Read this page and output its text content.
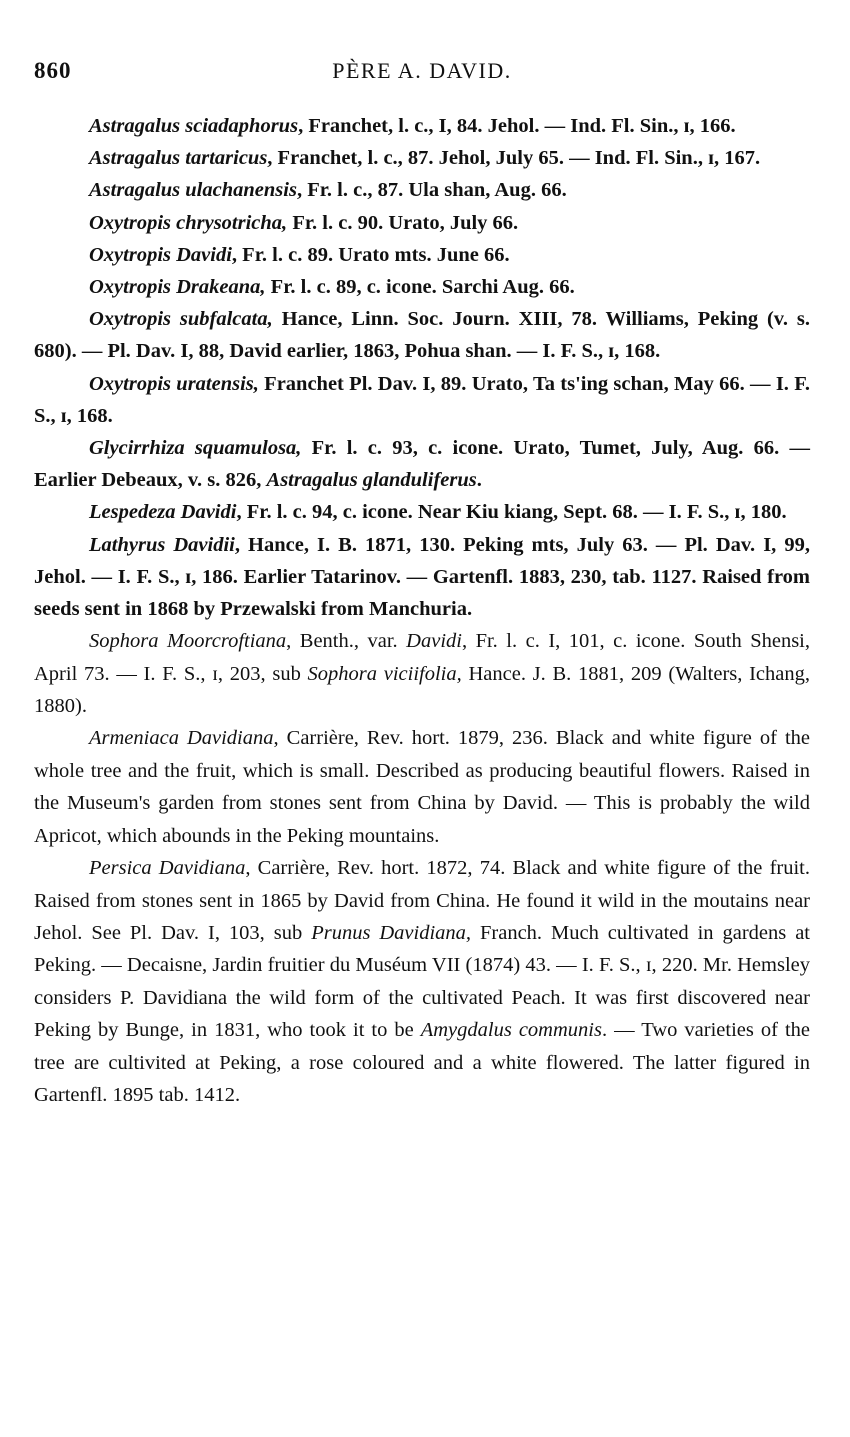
860	PÈRE A. DAVID.

Astragalus sciadaphorus, Franchet, l. c., I, 84. Jehol. — Ind. Fl. Sin., ɪ, 166.

Astragalus tartaricus, Franchet, l. c., 87. Jehol, July 65. — Ind. Fl. Sin., ɪ, 167.

Astragalus ulachanensis, Fr. l. c., 87. Ula shan, Aug. 66.

Oxytropis chrysotricha, Fr. l. c. 90. Urato, July 66.

Oxytropis Davidi, Fr. l. c. 89. Urato mts. June 66.

Oxytropis Drakeana, Fr. l. c. 89, c. icone. Sarchi Aug. 66.

Oxytropis subfalcata, Hance, Linn. Soc. Journ. XIII, 78. Williams, Peking (v. s. 680). — Pl. Dav. I, 88, David earlier, 1863, Pohua shan. — I. F. S., ɪ, 168.

Oxytropis uratensis, Franchet Pl. Dav. I, 89. Urato, Ta ts'ing schan, May 66. — I. F. S., ɪ, 168.

Glycirrhiza squamulosa, Fr. l. c. 93, c. icone. Urato, Tumet, July, Aug. 66. — Earlier Debeaux, v. s. 826, Astragalus glanduliferus.

Lespedeza Davidi, Fr. l. c. 94, c. icone. Near Kiu kiang, Sept. 68. — I. F. S., ɪ, 180.

Lathyrus Davidii, Hance, I. B. 1871, 130. Peking mts, July 63. — Pl. Dav. I, 99, Jehol. — I. F. S., ɪ, 186. Earlier Tatarinov. — Gartenfl. 1883, 230, tab. 1127. Raised from seeds sent in 1868 by Przewalski from Manchuria.

Sophora Moorcroftiana, Benth., var. Davidi, Fr. l. c. I, 101, c. icone. South Shensi, April 73. — I. F. S., ɪ, 203, sub Sophora viciifolia, Hance. J. B. 1881, 209 (Walters, Ichang, 1880).

Armeniaca Davidiana, Carrière, Rev. hort. 1879, 236. Black and white figure of the whole tree and the fruit, which is small. Described as producing beautiful flowers. Raised in the Museum's garden from stones sent from China by David. — This is probably the wild Apricot, which abounds in the Peking mountains.

Persica Davidiana, Carrière, Rev. hort. 1872, 74. Black and white figure of the fruit. Raised from stones sent in 1865 by David from China. He found it wild in the moutains near Jehol. See Pl. Dav. I, 103, sub Prunus Davidiana, Franch. Much cultivated in gardens at Peking. — Decaisne, Jardin fruitier du Muséum VII (1874) 43. — I. F. S., ɪ, 220. Mr. Hemsley considers P. Davidiana the wild form of the cultivated Peach. It was first discovered near Peking by Bunge, in 1831, who took it to be Amygdalus communis. — Two varieties of the tree are cultivited at Peking, a rose coloured and a white flowered. The latter figured in Gartenfl. 1895 tab. 1412.
